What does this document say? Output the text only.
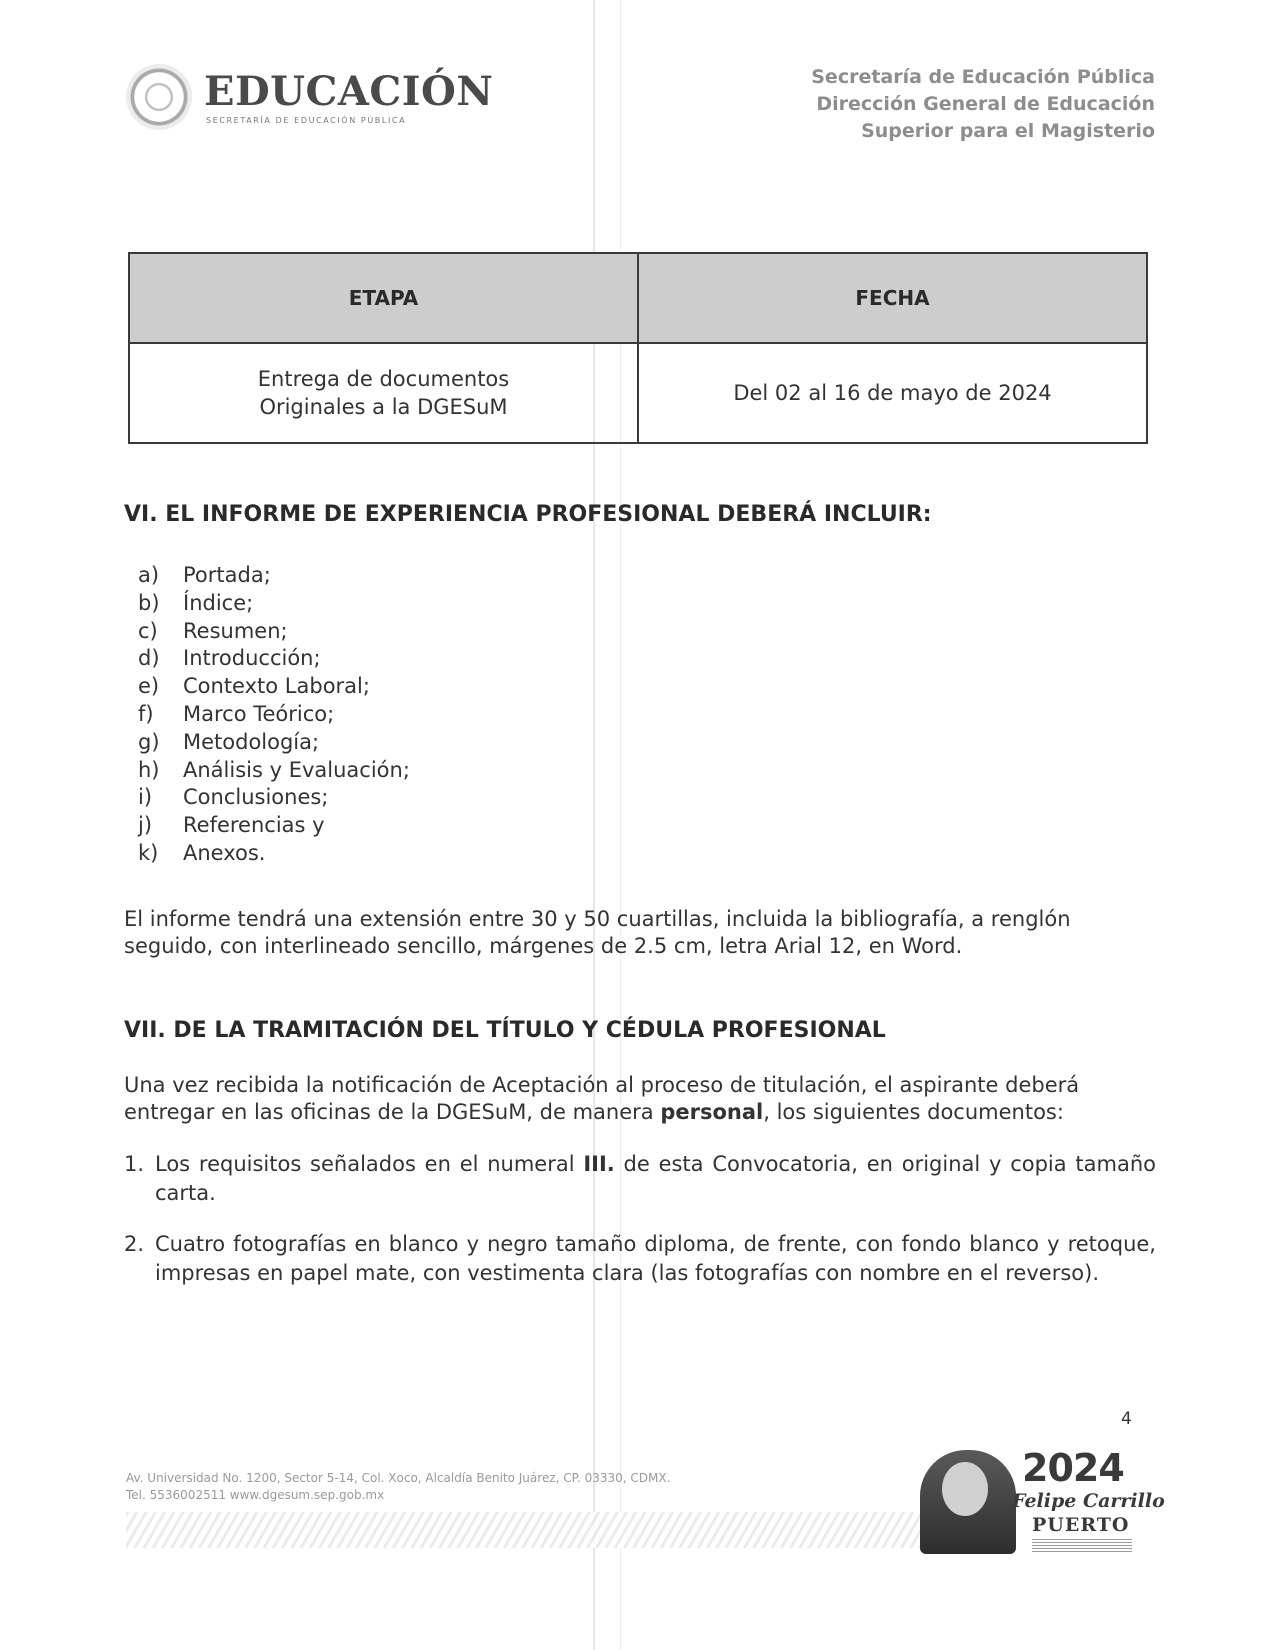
EDUCACIÓN
SECRETARÍA DE EDUCACIÓN PÚBLICA
Secretaría de Educación Pública
Dirección General de Educación
Superior para el Magisterio
ETAPA	FECHA
Entrega de documentos
Originales a la DGESuM	Del 02 al 16 de mayo de 2024
VI. EL INFORME DE EXPERIENCIA PROFESIONAL DEBERÁ INCLUIR:
a) Portada;
b) Índice;
c) Resumen;
d) Introducción;
e) Contexto Laboral;
f) Marco Teórico;
g) Metodología;
h) Análisis y Evaluación;
i) Conclusiones;
j) Referencias y
k) Anexos.

El informe tendrá una extensión entre 30 y 50 cuartillas, incluida la bibliografía, a renglón seguido, con interlineado sencillo, márgenes de 2.5 cm, letra Arial 12, en Word.

VII. DE LA TRAMITACIÓN DEL TÍTULO Y CÉDULA PROFESIONAL

Una vez recibida la notificación de Aceptación al proceso de titulación, el aspirante deberá entregar en las oficinas de la DGESuM, de manera personal, los siguientes documentos:

1. Los requisitos señalados en el numeral III. de esta Convocatoria, en original y copia tamaño carta.
2. Cuatro fotografías en blanco y negro tamaño diploma, de frente, con fondo blanco y retoque, impresas en papel mate, con vestimenta clara (las fotografías con nombre en el reverso).
4
Av. Universidad No. 1200, Sector 5-14, Col. Xoco, Alcaldía Benito Juárez, CP. 03330, CDMX.
Tel. 5536002511 www.dgesum.sep.gob.mx
2024
Felipe Carrillo
PUERTO
